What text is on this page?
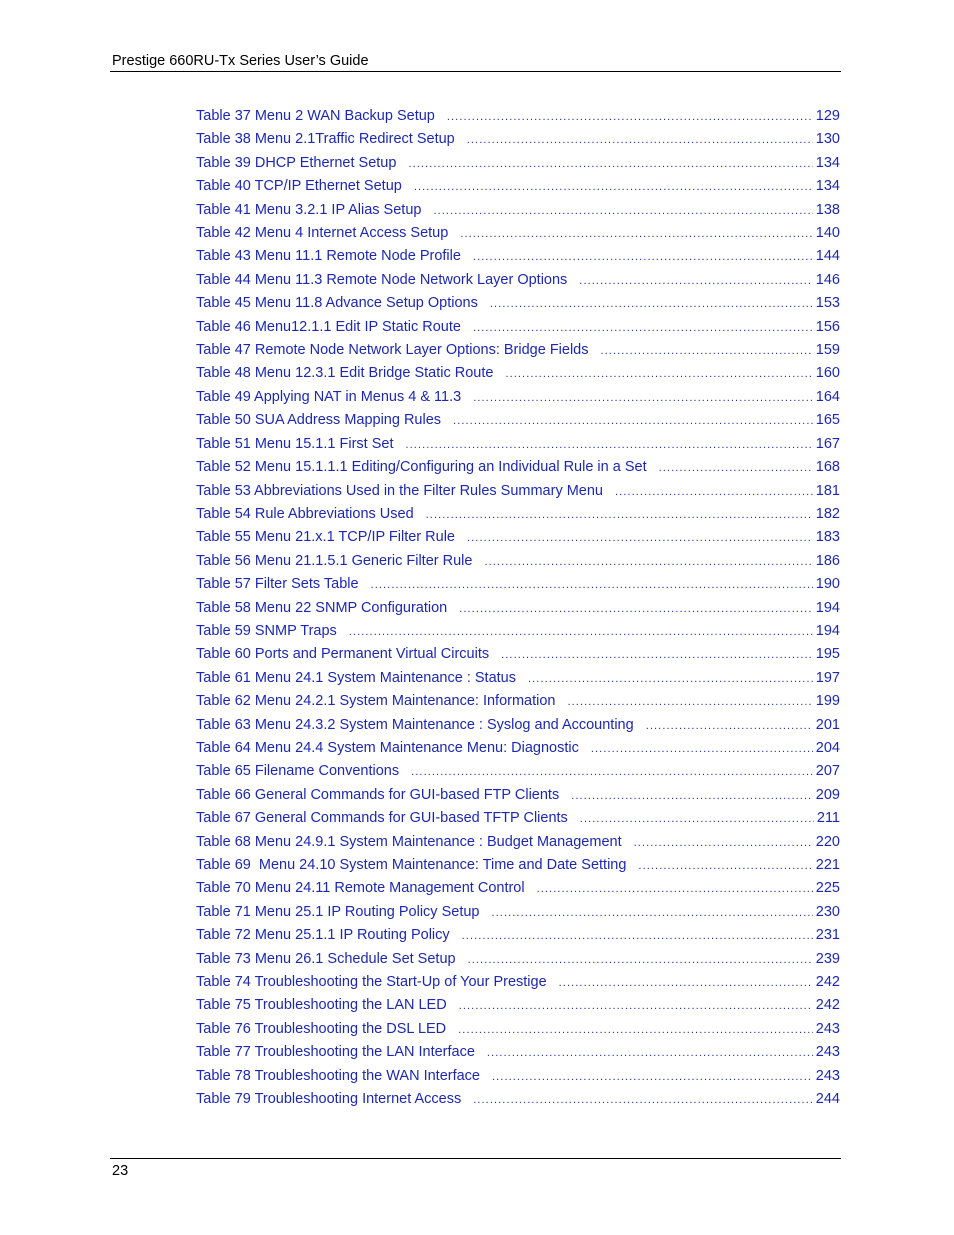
Prestige 660RU-Tx Series User’s Guide
Table 37 Menu 2 WAN Backup Setup .....	129
Table 38 Menu 2.1Traffic Redirect Setup .....	130
Table 39 DHCP Ethernet Setup .....	134
Table 40 TCP/IP Ethernet Setup .....	134
Table 41 Menu 3.2.1 IP Alias Setup .....	138
Table 42 Menu 4 Internet Access Setup .....	140
Table 43 Menu 11.1 Remote Node Profile .....	144
Table 44 Menu 11.3 Remote Node Network Layer Options .....	146
Table 45 Menu 11.8 Advance Setup Options .....	153
Table 46 Menu12.1.1 Edit IP Static Route .....	156
Table 47 Remote Node Network Layer Options: Bridge Fields .....	159
Table 48 Menu 12.3.1 Edit Bridge Static Route .....	160
Table 49 Applying NAT in Menus 4 & 11.3 .....	164
Table 50 SUA Address Mapping Rules .....	165
Table 51 Menu 15.1.1 First Set .....	167
Table 52 Menu 15.1.1.1 Editing/Configuring an Individual Rule in a Set .....	168
Table 53 Abbreviations Used in the Filter Rules Summary Menu .....	181
Table 54 Rule Abbreviations Used .....	182
Table 55 Menu 21.x.1 TCP/IP Filter Rule .....	183
Table 56 Menu 21.1.5.1 Generic Filter Rule .....	186
Table 57 Filter Sets Table .....	190
Table 58 Menu 22 SNMP Configuration .....	194
Table 59 SNMP Traps .....	194
Table 60 Ports and Permanent Virtual Circuits .....	195
Table 61 Menu 24.1 System Maintenance : Status .....	197
Table 62 Menu 24.2.1 System Maintenance: Information .....	199
Table 63 Menu 24.3.2 System Maintenance : Syslog and Accounting .....	201
Table 64 Menu 24.4 System Maintenance Menu: Diagnostic .....	204
Table 65 Filename Conventions .....	207
Table 66 General Commands for GUI-based FTP Clients .....	209
Table 67 General Commands for GUI-based TFTP Clients .....	211
Table 68 Menu 24.9.1 System Maintenance : Budget Management .....	220
Table 69  Menu 24.10 System Maintenance: Time and Date Setting .....	221
Table 70 Menu 24.11 Remote Management Control .....	225
Table 71 Menu 25.1 IP Routing Policy Setup .....	230
Table 72 Menu 25.1.1 IP Routing Policy .....	231
Table 73 Menu 26.1 Schedule Set Setup .....	239
Table 74 Troubleshooting the Start-Up of Your Prestige .....	242
Table 75 Troubleshooting the LAN LED .....	242
Table 76 Troubleshooting the DSL LED .....	243
Table 77 Troubleshooting the LAN Interface .....	243
Table 78 Troubleshooting the WAN Interface .....	243
Table 79 Troubleshooting Internet Access .....	244
23
